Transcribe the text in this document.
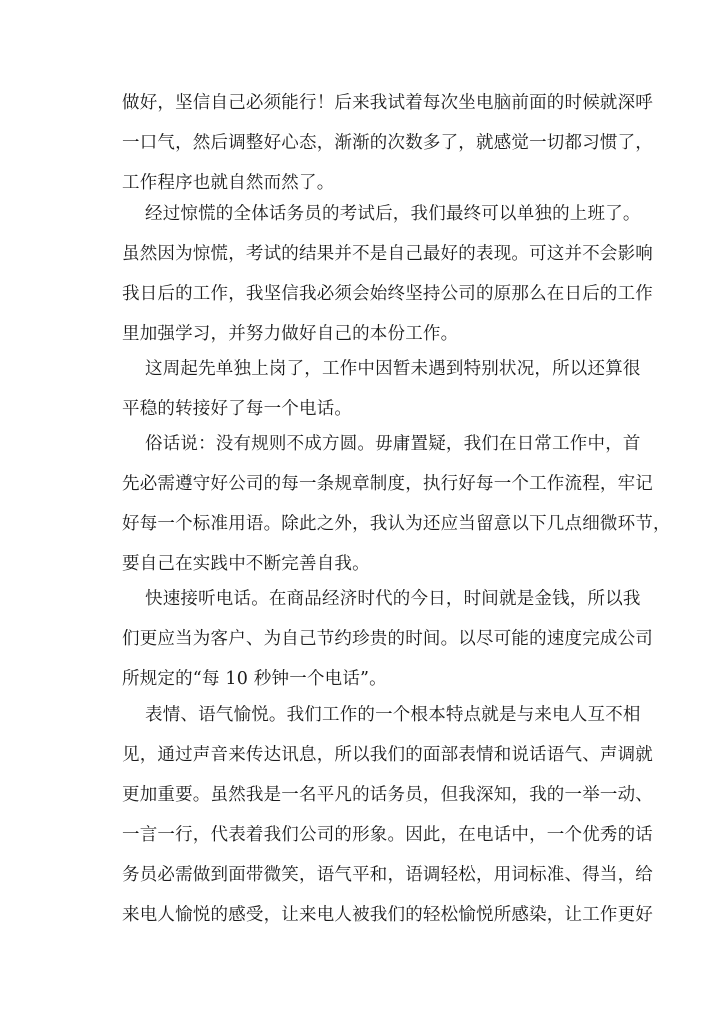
做好，坚信自己必须能行！后来我试着每次坐电脑前面的时候就深呼
一口气，然后调整好心态，渐渐的次数多了，就感觉一切都习惯了，
工作程序也就自然而然了。
经过惊慌的全体话务员的考试后，我们最终可以单独的上班了。
虽然因为惊慌，考试的结果并不是自己最好的表现。可这并不会影响
我日后的工作，我坚信我必须会始终坚持公司的原那么在日后的工作
里加强学习，并努力做好自己的本份工作。
这周起先单独上岗了，工作中因暂未遇到特别状况，所以还算很
平稳的转接好了每一个电话。
俗话说：没有规则不成方圆。毋庸置疑，我们在日常工作中，首
先必需遵守好公司的每一条规章制度，执行好每一个工作流程，牢记
好每一个标准用语。除此之外，我认为还应当留意以下几点细微环节，
要自己在实践中不断完善自我。
快速接听电话。在商品经济时代的今日，时间就是金钱，所以我
们更应当为客户、为自己节约珍贵的时间。以尽可能的速度完成公司
所规定的“每 10 秒钟一个电话”。
表情、语气愉悦。我们工作的一个根本特点就是与来电人互不相
见，通过声音来传达讯息，所以我们的面部表情和说话语气、声调就
更加重要。虽然我是一名平凡的话务员，但我深知，我的一举一动、
一言一行，代表着我们公司的形象。因此，在电话中，一个优秀的话
务员必需做到面带微笑，语气平和，语调轻松，用词标准、得当，给
来电人愉悦的感受，让来电人被我们的轻松愉悦所感染，让工作更好
